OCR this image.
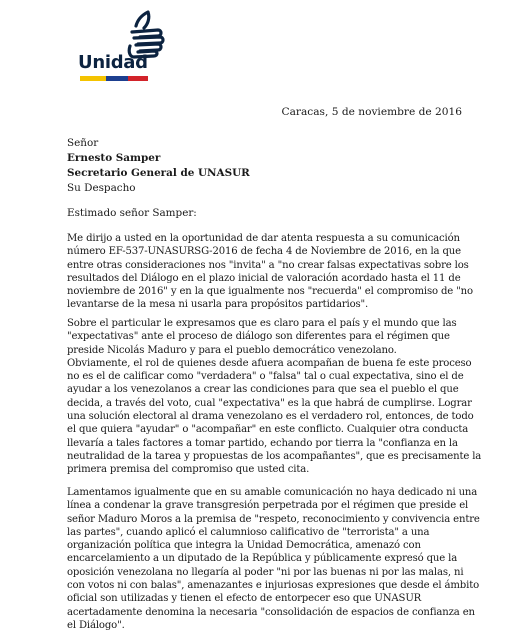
Unidad
Caracas, 5 de noviembre de 2016
Señor
Ernesto Samper
Secretario General de UNASUR
Su Despacho
Estimado señor Samper:
Me dirijo a usted en la oportunidad de dar atenta respuesta a su comunicación
número EF-537-UNASURSG-2016 de fecha 4 de Noviembre de 2016, en la que
entre otras consideraciones nos "invita" a "no crear falsas expectativas sobre los
resultados del Diálogo en el plazo inicial de valoración acordado hasta el 11 de
noviembre de 2016" y en la que igualmente nos "recuerda" el compromiso de "no
levantarse de la mesa ni usarla para propósitos partidarios".
Sobre el particular le expresamos que es claro para el país y el mundo que las
"expectativas" ante el proceso de diálogo son diferentes para el régimen que
preside Nicolás Maduro y para el pueblo democrático venezolano.
Obviamente, el rol de quienes desde afuera acompañan de buena fe este proceso
no es el de calificar como "verdadera" o "falsa" tal o cual expectativa, sino el de
ayudar a los venezolanos a crear las condiciones para que sea el pueblo el que
decida, a través del voto, cual "expectativa" es la que habrá de cumplirse. Lograr
una solución electoral al drama venezolano es el verdadero rol, entonces, de todo
el que quiera "ayudar" o "acompañar" en este conflicto. Cualquier otra conducta
llevaría a tales factores a tomar partido, echando por tierra la "confianza en la
neutralidad de la tarea y propuestas de los acompañantes", que es precisamente la
primera premisa del compromiso que usted cita.
Lamentamos igualmente que en su amable comunicación no haya dedicado ni una
línea a condenar la grave transgresión perpetrada por el régimen que preside el
señor Maduro Moros a la premisa de "respeto, reconocimiento y convivencia entre
las partes", cuando aplicó el calumnioso calificativo de "terrorista" a una
organización política que integra la Unidad Democrática, amenazó con
encarcelamiento a un diputado de la República y públicamente expresó que la
oposición venezolana no llegaría al poder "ni por las buenas ni por las malas, ni
con votos ni con balas", amenazantes e injuriosas expresiones que desde el ámbito
oficial son utilizadas y tienen el efecto de entorpecer eso que UNASUR
acertadamente denomina la necesaria "consolidación de espacios de confianza en
el Diálogo".
